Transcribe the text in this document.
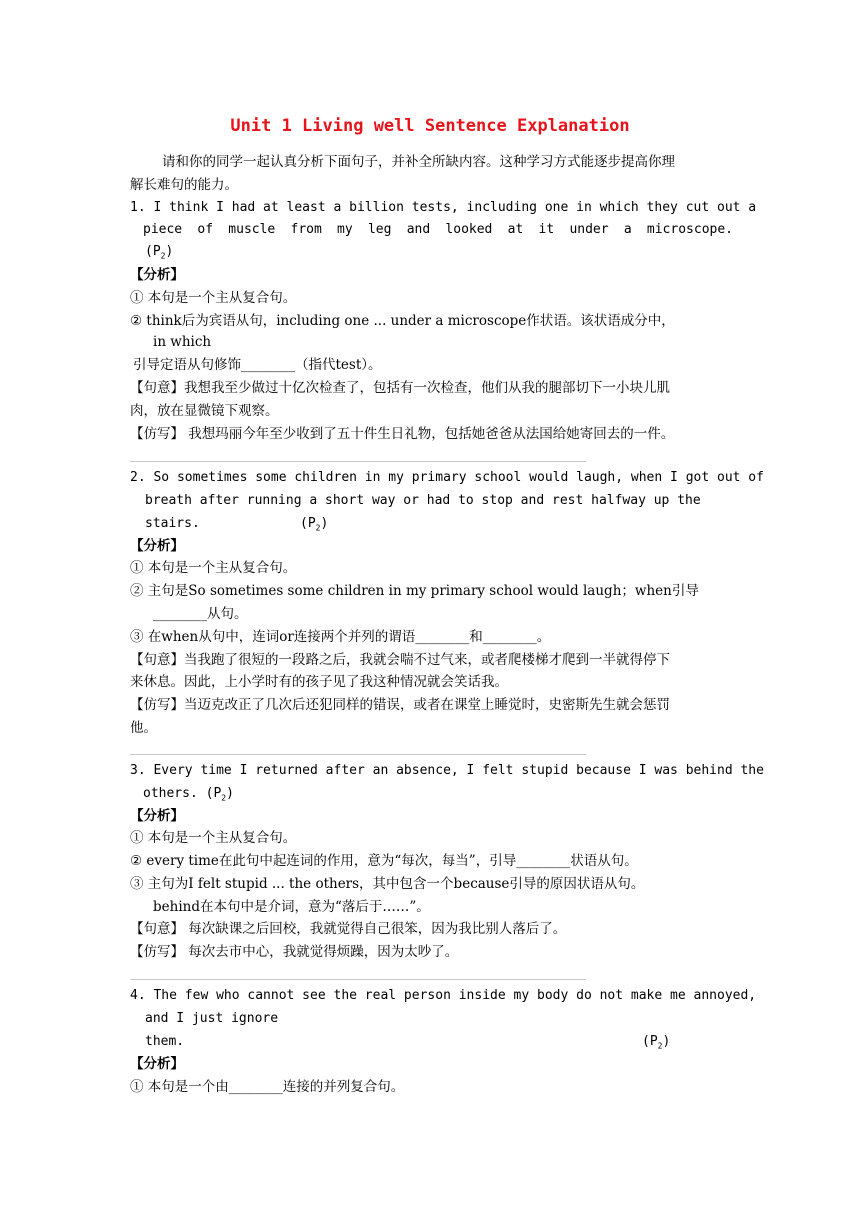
Unit 1 Living well Sentence Explanation
请和你的同学一起认真分析下面句子，并补全所缺内容。这种学习方式能逐步提高你理
解长难句的能力。
1. I think I had at least a billion tests, including one in which they cut out a
piece of muscle from my leg and looked at it under a microscope.
$(P_2)$
【分析】
① 本句是一个主从复合句。
② think后为宾语从句，including one ... under a microscope作状语。该状语成分中，
in which
引导定语从句修饰________（指代test）。
【句意】我想我至少做过十亿次检查了，包括有一次检查，他们从我的腿部切下一小块儿肌
肉，放在显微镜下观察。
【仿写】 我想玛丽今年至少收到了五十件生日礼物，包括她爸爸从法国给她寄回去的一件。
2. So sometimes some children in my primary school would laugh, when I got out of
breath after running a short way or had to stop and rest halfway up the
stairs.	$(P_2)$
【分析】
① 本句是一个主从复合句。
② 主句是So sometimes some children in my primary school would laugh；when引导
________从句。
③ 在when从句中，连词or连接两个并列的谓语________和________。
【句意】当我跑了很短的一段路之后，我就会喘不过气来，或者爬楼梯才爬到一半就得停下
来休息。因此，上小学时有的孩子见了我这种情况就会笑话我。
【仿写】当迈克改正了几次后还犯同样的错误，或者在课堂上睡觉时，史密斯先生就会惩罚
他。
3. Every time I returned after an absence, I felt stupid because I was behind the
others. $(P_2)$
【分析】
① 本句是一个主从复合句。
② every time在此句中起连词的作用，意为“每次，每当”，引导________状语从句。
③ 主句为I felt stupid ... the others，其中包含一个because引导的原因状语从句。
behind在本句中是介词，意为“落后于……”。
【句意】 每次缺课之后回校，我就觉得自己很笨，因为我比别人落后了。
【仿写】 每次去市中心，我就觉得烦躁，因为太吵了。
4. The few who cannot see the real person inside my body do not make me annoyed,
and I just ignore
them.	$(P_2)$
【分析】
① 本句是一个由________连接的并列复合句。
